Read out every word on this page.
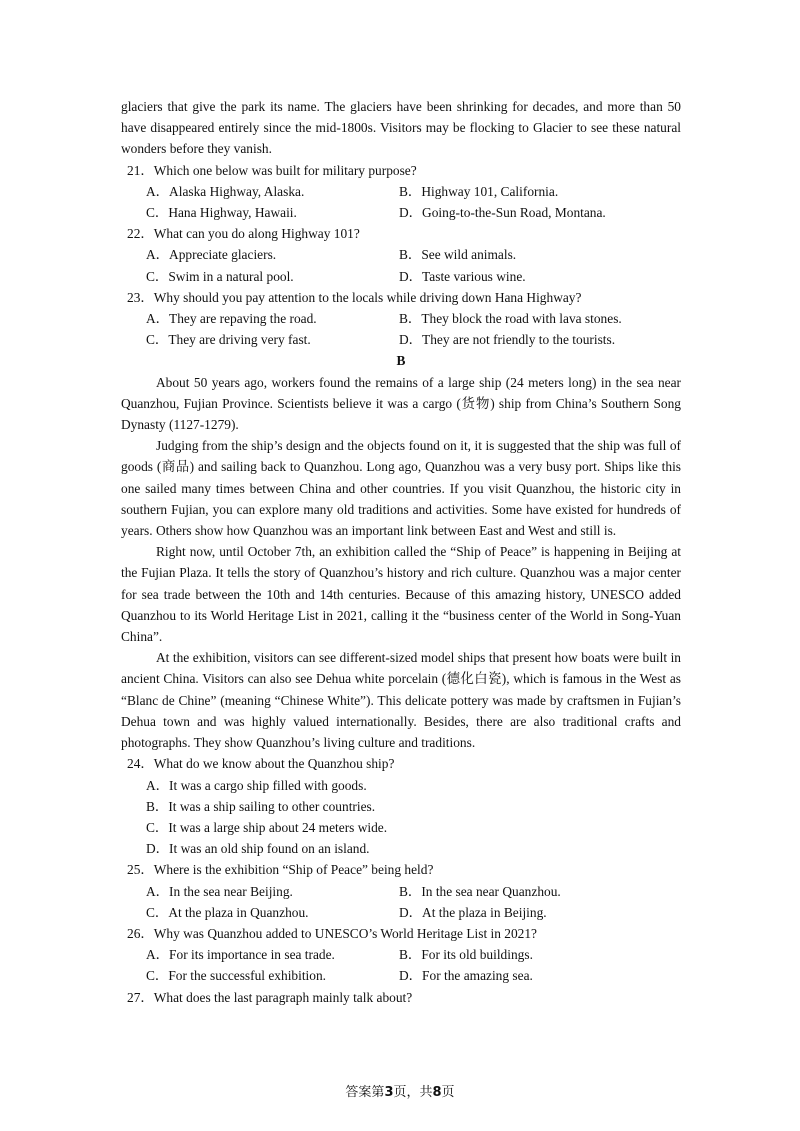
glaciers that give the park its name. The glaciers have been shrinking for decades, and more than 50 have disappeared entirely since the mid-1800s. Visitors may be flocking to Glacier to see these natural wonders before they vanish.

21．Which one below was built for military purpose?

A．Alaska Highway, Alaska.	B．Highway 101, California.
C．Hana Highway, Hawaii.	D．Going-to-the-Sun Road, Montana.

22．What can you do along Highway 101?

A．Appreciate glaciers.	B．See wild animals.
C．Swim in a natural pool.	D．Taste various wine.

23．Why should you pay attention to the locals while driving down Hana Highway?

A．They are repaving the road.	B．They block the road with lava stones.
C．They are driving very fast.	D．They are not friendly to the tourists.

B

About 50 years ago, workers found the remains of a large ship (24 meters long) in the sea near Quanzhou, Fujian Province. Scientists believe it was a cargo (货物) ship from China’s Southern Song Dynasty (1127-1279).

Judging from the ship’s design and the objects found on it, it is suggested that the ship was full of goods (商品) and sailing back to Quanzhou. Long ago, Quanzhou was a very busy port. Ships like this one sailed many times between China and other countries. If you visit Quanzhou, the historic city in southern Fujian, you can explore many old traditions and activities. Some have existed for hundreds of years. Others show how Quanzhou was an important link between East and West and still is.

Right now, until October 7th, an exhibition called the “Ship of Peace” is happening in Beijing at the Fujian Plaza. It tells the story of Quanzhou’s history and rich culture. Quanzhou was a major center for sea trade between the 10th and 14th centuries. Because of this amazing history, UNESCO added Quanzhou to its World Heritage List in 2021, calling it the “business center of the World in Song-Yuan China”.

At the exhibition, visitors can see different-sized model ships that present how boats were built in ancient China. Visitors can also see Dehua white porcelain (德化白瓷), which is famous in the West as “Blanc de Chine” (meaning “Chinese White”). This delicate pottery was made by craftsmen in Fujian’s Dehua town and was highly valued internationally. Besides, there are also traditional crafts and photographs. They show Quanzhou’s living culture and traditions.

24．What do we know about the Quanzhou ship?

A．It was a cargo ship filled with goods.
B．It was a ship sailing to other countries.
C．It was a large ship about 24 meters wide.
D．It was an old ship found on an island.

25．Where is the exhibition “Ship of Peace” being held?

A．In the sea near Beijing.	B．In the sea near Quanzhou.
C．At the plaza in Quanzhou.	D．At the plaza in Beijing.

26．Why was Quanzhou added to UNESCO’s World Heritage List in 2021?

A．For its importance in sea trade.	B．For its old buildings.
C．For the successful exhibition.	D．For the amazing sea.

27．What does the last paragraph mainly talk about?

答案第3页，共8页
